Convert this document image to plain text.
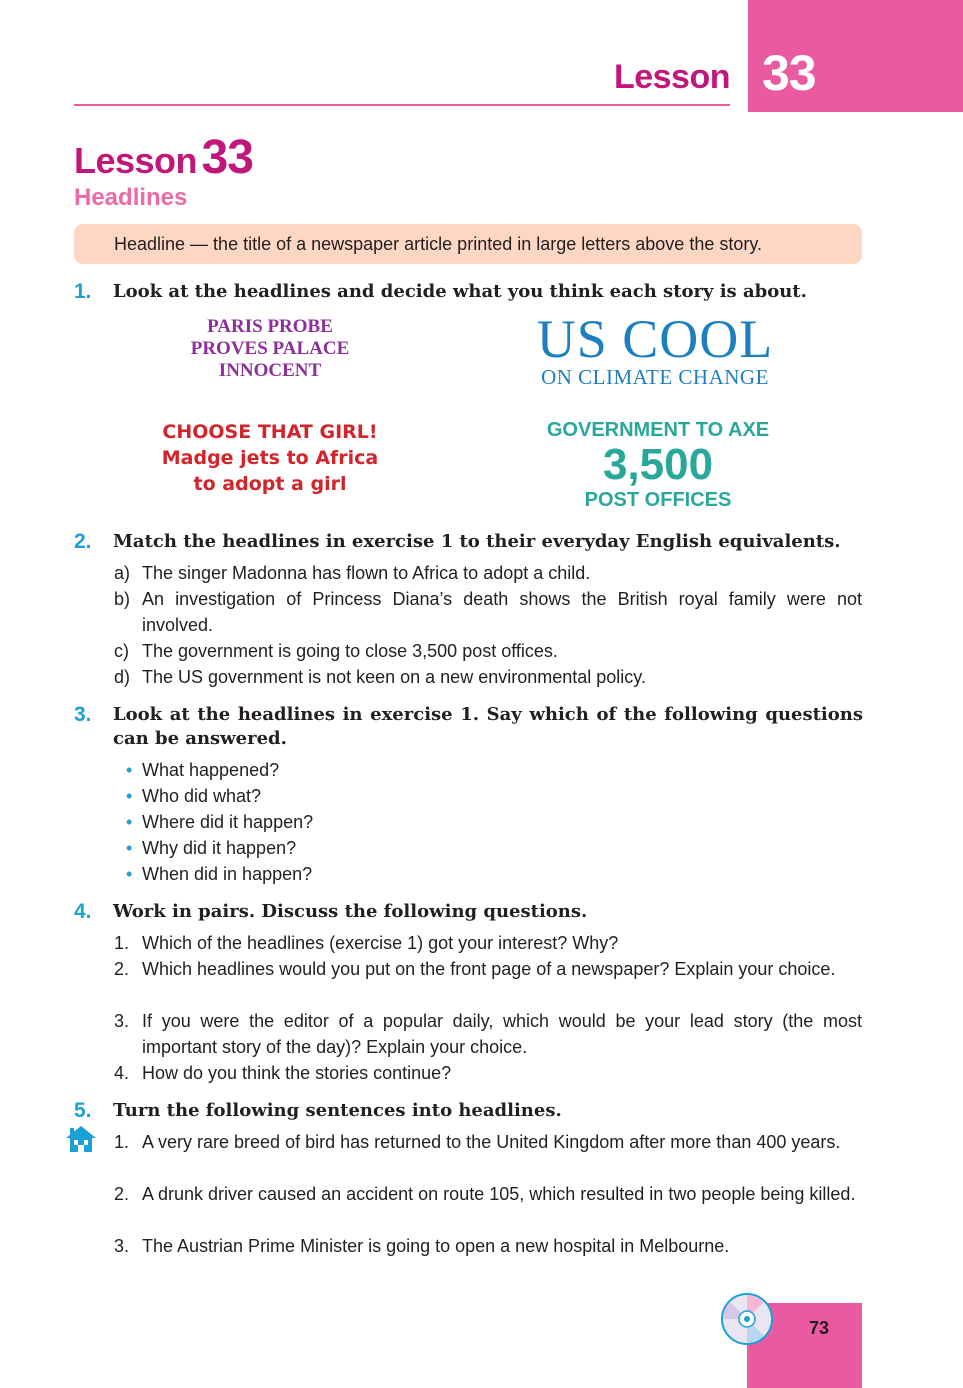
Lesson 33
Lesson 33
Headlines
Headline — the title of a newspaper article printed in large letters above the story.
1. Look at the headlines and decide what you think each story is about.
PARIS PROBE
PROVES PALACE
INNOCENT
US COOL
ON CLIMATE CHANGE
CHOOSE THAT GIRL!
Madge jets to Africa
to adopt a girl
GOVERNMENT TO AXE
3,500
POST OFFICES
2. Match the headlines in exercise 1 to their everyday English equivalents.
a) The singer Madonna has flown to Africa to adopt a child.
b) An investigation of Princess Diana’s death shows the British royal family were not involved.
c) The government is going to close 3,500 post offices.
d) The US government is not keen on a new environmental policy.
3. Look at the headlines in exercise 1. Say which of the following questions can be answered.
• What happened?
• Who did what?
• Where did it happen?
• Why did it happen?
• When did in happen?
4. Work in pairs. Discuss the following questions.
1. Which of the headlines (exercise 1) got your interest? Why?
2. Which headlines would you put on the front page of a newspaper? Explain your choice.
3. If you were the editor of a popular daily, which would be your lead story (the most important story of the day)? Explain your choice.
4. How do you think the stories continue?
5. Turn the following sentences into headlines.
1. A very rare breed of bird has returned to the United Kingdom after more than 400 years.
2. A drunk driver caused an accident on route 105, which resulted in two people being killed.
3. The Austrian Prime Minister is going to open a new hospital in Melbourne.
73
